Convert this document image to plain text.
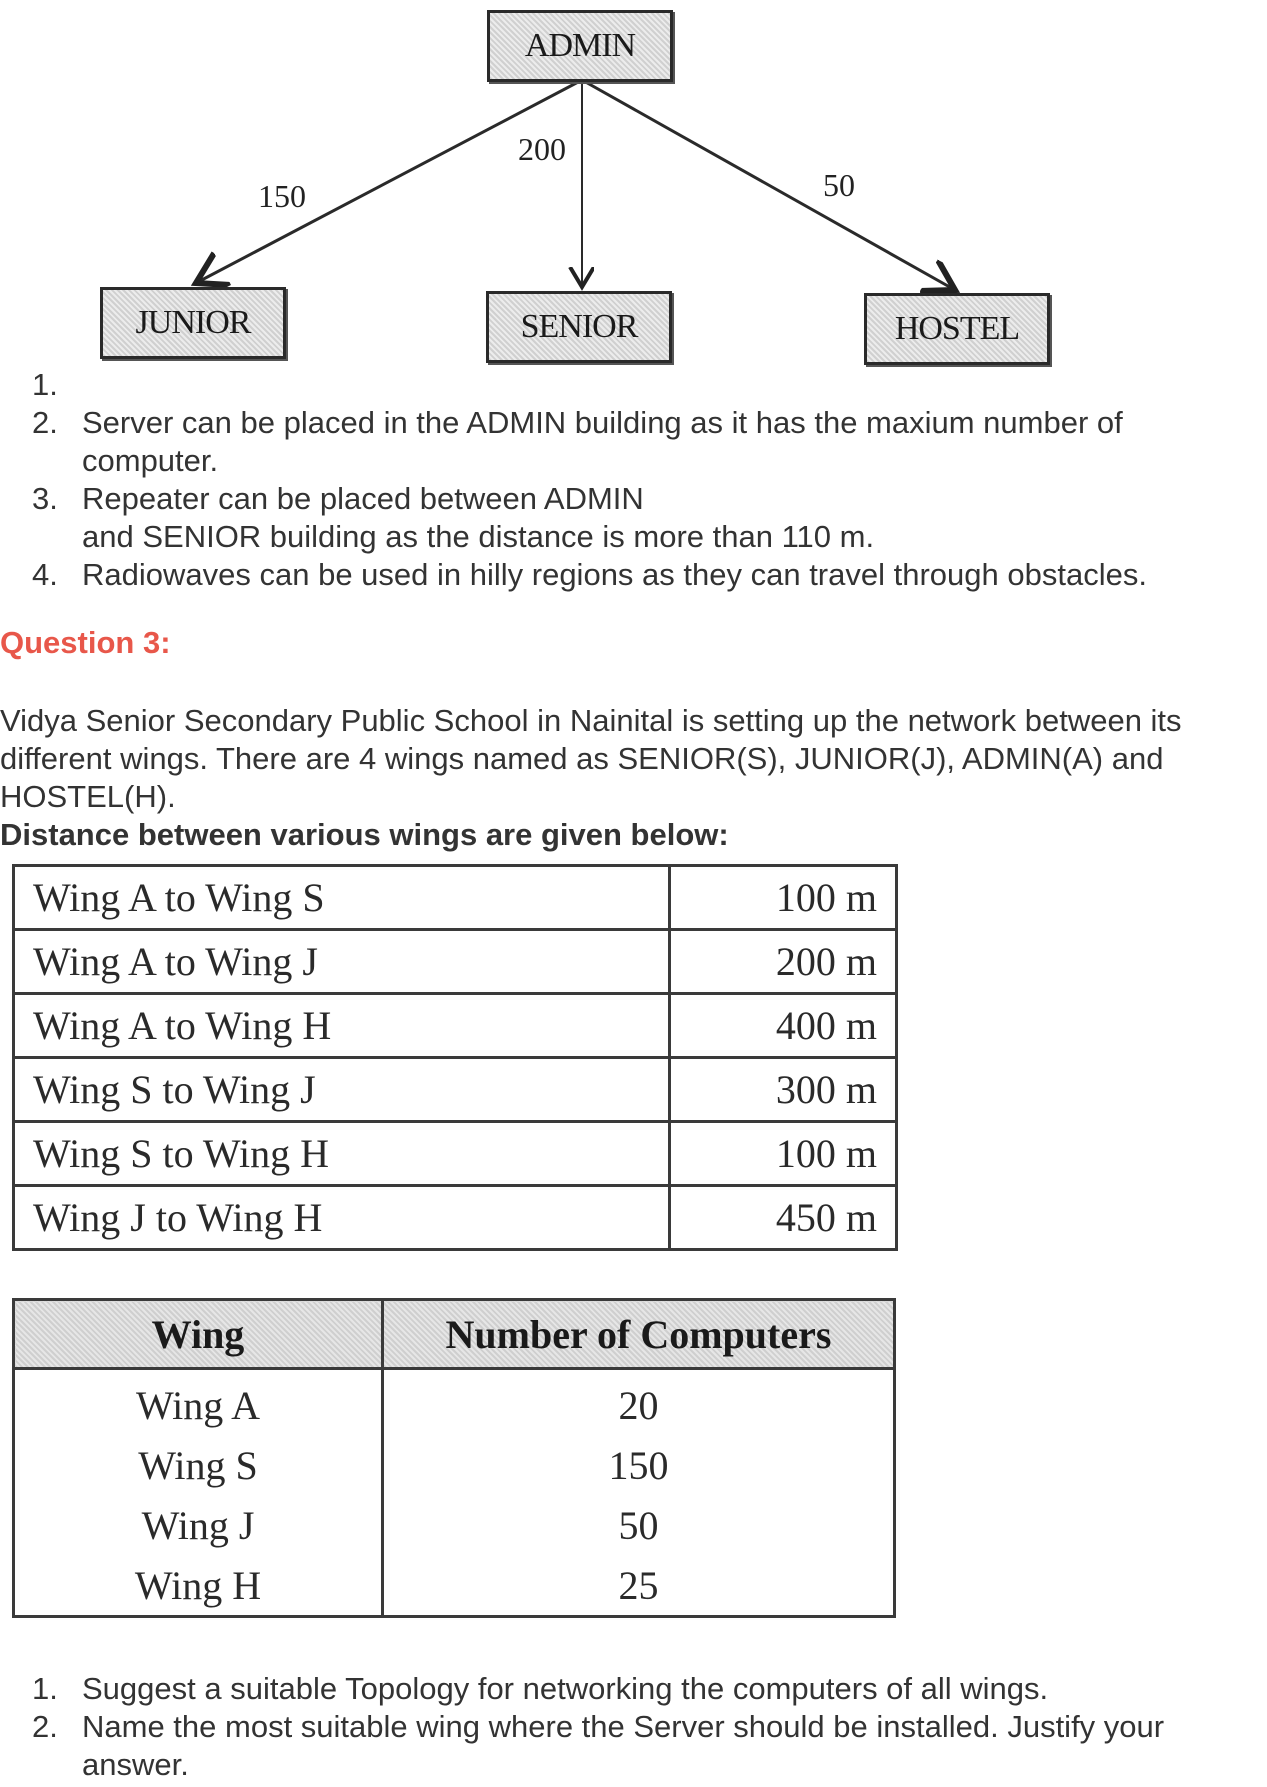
ADMIN
JUNIOR	SENIOR	HOSTEL
150
200
50
1.

2. Server can be placed in the ADMIN building as it has the maxium number of computer.
3. Repeater can be placed between ADMIN
and SENIOR building as the distance is more than 110 m.
4. Radiowaves can be used in hilly regions as they can travel through obstacles.
Question 3:
Vidya Senior Secondary Public School in Nainital is setting up the network between its different wings. There are 4 wings named as SENIOR(S), JUNIOR(J), ADMIN(A) and HOSTEL(H).
Distance between various wings are given below:
Wing A to Wing S	100 m
Wing A to Wing J	200 m
Wing A to Wing H	400 m
Wing S to Wing J	300 m
Wing S to Wing H	100 m
Wing J to Wing H	450 m
Wing	Number of Computers
Wing A	20
Wing S	150
Wing J	50
Wing H	25
1. Suggest a suitable Topology for networking the computers of all wings.
2. Name the most suitable wing where the Server should be installed. Justify your answer.
